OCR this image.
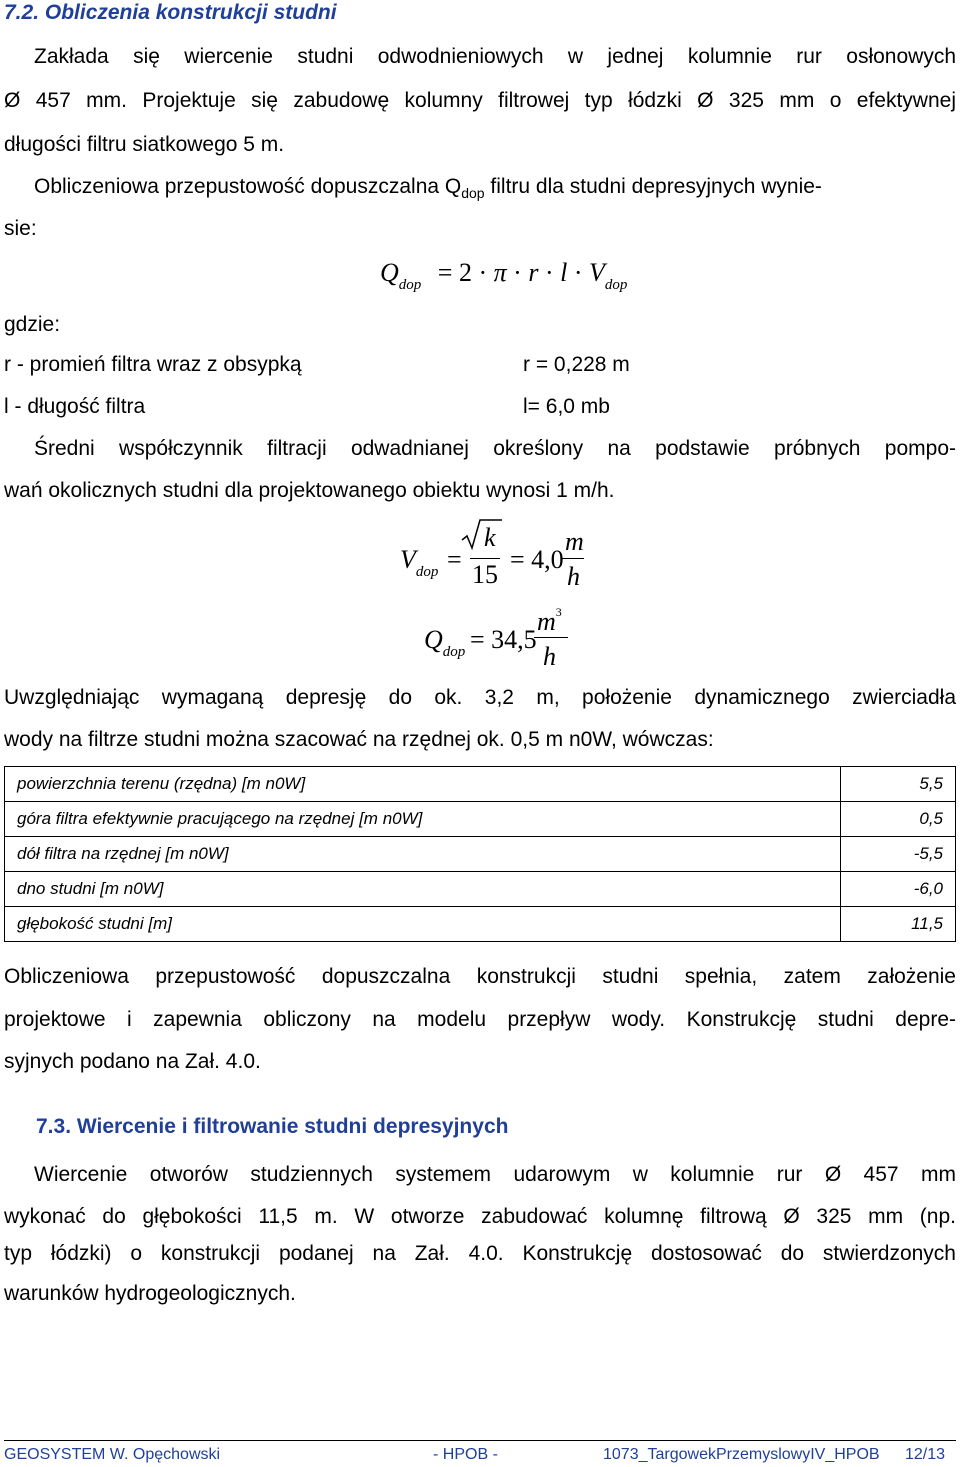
7.2. Obliczenia konstrukcji studni
Zakłada się wiercenie studni odwodnieniowych w jednej kolumnie rur osłonowych
Ø 457 mm. Projektuje się zabudowę kolumny filtrowej typ łódzki Ø 325 mm o efektywnej
długości filtru siatkowego 5 m.
Obliczeniowa przepustowość dopuszczalna $Q_{dop}$ filtru dla studni depresyjnych wynie-
sie:
$Q_{dop} = 2 \cdot \pi \cdot r \cdot l \cdot V_{dop}$
gdzie:
r - promień filtra wraz z obsypką	r = 0,228 m
l - długość filtra	l= 6,0 mb
Średni współczynnik filtracji odwadnianej określony na podstawie próbnych pompo-
wań okolicznych studni dla projektowanego obiektu wynosi 1 m/h.
$V_{dop}$ =
k
15
= 4,0
m
h
$Q_{dop} = 34,5$
$m^3$
h
Uwzględniając wymaganą depresję do ok. 3,2 m, położenie dynamicznego zwierciadła
wody na filtrze studni można szacować na rzędnej ok. 0,5 m n0W, wówczas:
powierzchnia terenu (rzędna) [m n0W]	5,5
góra filtra efektywnie pracującego na rzędnej [m n0W]	0,5
dół filtra na rzędnej [m n0W]	-5,5
dno studni [m n0W]	-6,0
głębokość studni [m]	11,5
Obliczeniowa przepustowość dopuszczalna konstrukcji studni spełnia, zatem założenie
projektowe i zapewnia obliczony na modelu przepływ wody. Konstrukcję studni depre-
syjnych podano na Zał. 4.0.
7.3. Wiercenie i filtrowanie studni depresyjnych
Wiercenie otworów studziennych systemem udarowym w kolumnie rur Ø 457 mm
wykonać do głębokości 11,5 m. W otworze zabudować kolumnę filtrową Ø 325 mm (np.
typ łódzki) o konstrukcji podanej na Zał. 4.0. Konstrukcję dostosować do stwierdzonych
warunków hydrogeologicznych.
GEOSYSTEM W. Opęchowski	- HPOB -	1073_TargowekPrzemyslowyIV_HPOB 12/13
